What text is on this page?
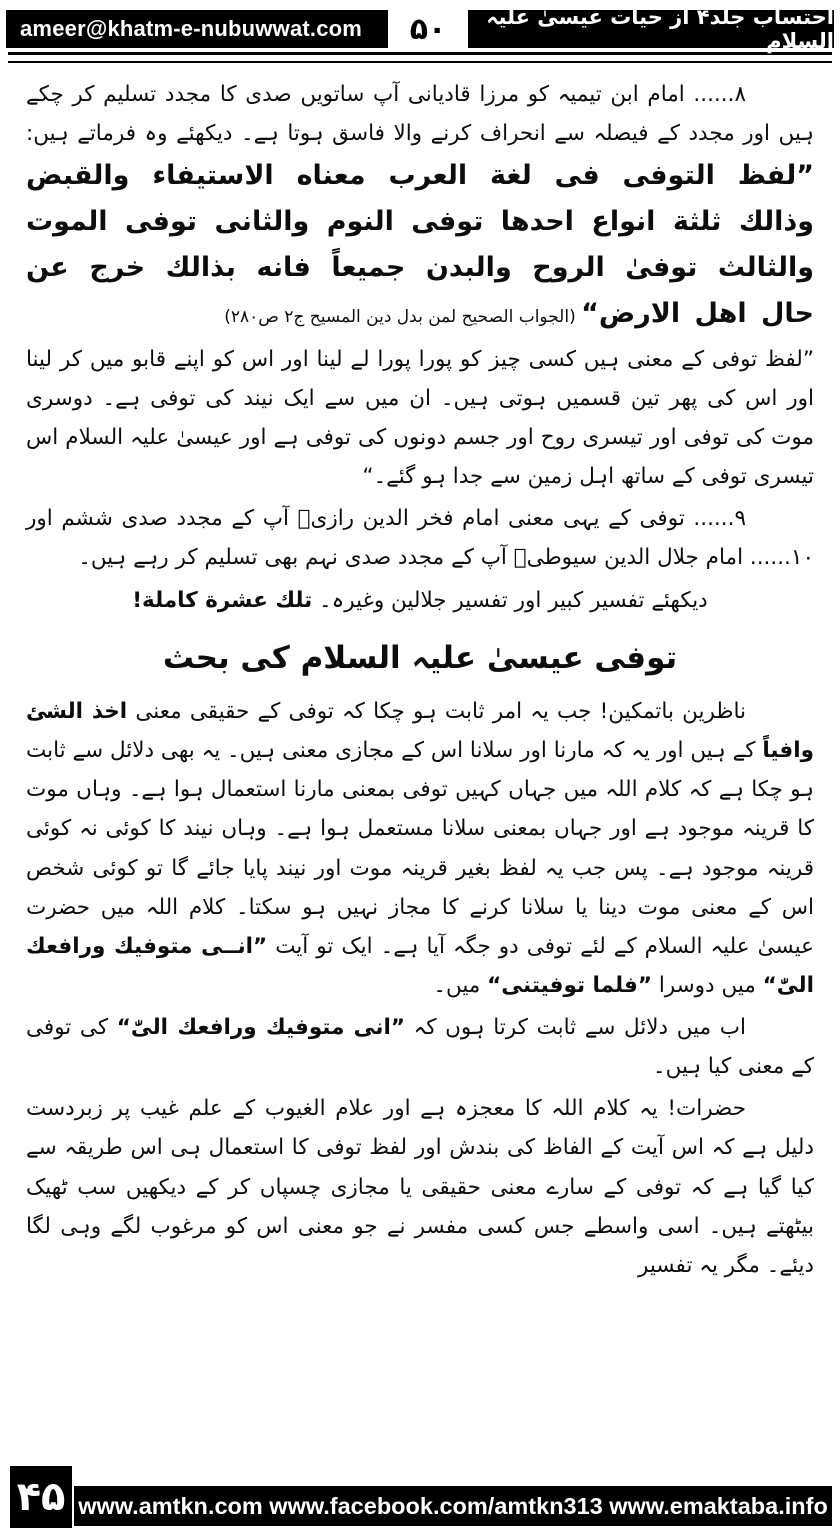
ameer@khatm-e-nubuwwat.com ۵۰	احتساب جلد۴ از حیات عیسیٰ علیہ السلام

۸...... امام ابن تیمیہ کو مرزا قادیانی آپ ساتویں صدی کا مجدد تسلیم کر چکے ہیں اور مجدد کے فیصلہ سے انحراف کرنے والا فاسق ہوتا ہے۔ دیکھئے وہ فرماتے ہیں: ”لفظ التوفی فی لغة العرب معناه الاستیفاء والقبض وذالك ثلثة انواع احدها توفی النوم والثانی توفی الموت والثالث توفیٰ الروح والبدن جمیعاً فانه بذالك خرج عن حال اهل الارض“ (الجواب الصحیح لمن بدل دین المسیح ج۲ ص۲۸۰)

”لفظ توفی کے معنی ہیں کسی چیز کو پورا پورا لے لینا اور اس کو اپنے قابو میں کر لینا اور اس کی پھر تین قسمیں ہوتی ہیں۔ ان میں سے ایک نیند کی توفی ہے۔ دوسری موت کی توفی اور تیسری روح اور جسم دونوں کی توفی ہے اور عیسیٰ علیہ السلام اس تیسری توفی کے ساتھ اہل زمین سے جدا ہو گئے۔“

۹...... توفی کے یہی معنی امام فخر الدین رازیؒ آپ کے مجدد صدی ششم اور ۱۰...... امام جلال الدین سیوطیؒ آپ کے مجدد صدی نہم بھی تسلیم کر رہے ہیں۔

دیکھئے تفسیر کبیر اور تفسیر جلالین وغیرہ۔ تلك عشرة كاملة!

توفی عیسیٰ علیہ السلام کی بحث

ناظرین باتمکین! جب یہ امر ثابت ہو چکا کہ توفی کے حقیقی معنی اخذ الشئ وافیاً کے ہیں اور یہ کہ مارنا اور سلانا اس کے مجازی معنی ہیں۔ یہ بھی دلائل سے ثابت ہو چکا ہے کہ کلام اللہ میں جہاں کہیں توفی بمعنی مارنا استعمال ہوا ہے۔ وہاں موت کا قرینہ موجود ہے اور جہاں بمعنی سلانا مستعمل ہوا ہے۔ وہاں نیند کا کوئی نہ کوئی قرینہ موجود ہے۔ پس جب یہ لفظ بغیر قرینہ موت اور نیند پایا جائے گا تو کوئی شخص اس کے معنی موت دینا یا سلانا کرنے کا مجاز نہیں ہو سکتا۔ کلام اللہ میں حضرت عیسیٰ علیہ السلام کے لئے توفی دو جگہ آیا ہے۔ ایک تو آیت ”انــی متوفیك ورافعك الیّٰ“ میں دوسرا ”فلما توفیتنی“ میں۔

اب میں دلائل سے ثابت کرتا ہوں کہ ”انی متوفیك ورافعك الیّٰ“ کی توفی کے معنی کیا ہیں۔

حضرات! یہ کلام اللہ کا معجزہ ہے اور علام الغیوب کے علم غیب پر زبردست دلیل ہے کہ اس آیت کے الفاظ کی بندش اور لفظ توفی کا استعمال ہی اس طریقہ سے کیا گیا ہے کہ توفی کے سارے معنی حقیقی یا مجازی چسپاں کر کے دیکھیں سب ٹھیک بیٹھتے ہیں۔ اسی واسطے جس کسی مفسر نے جو معنی اس کو مرغوب لگے وہی لگا دیئے۔ مگر یہ تفسیر

۴۵ www.amtkn.com www.facebook.com/amtkn313 www.emaktaba.info
